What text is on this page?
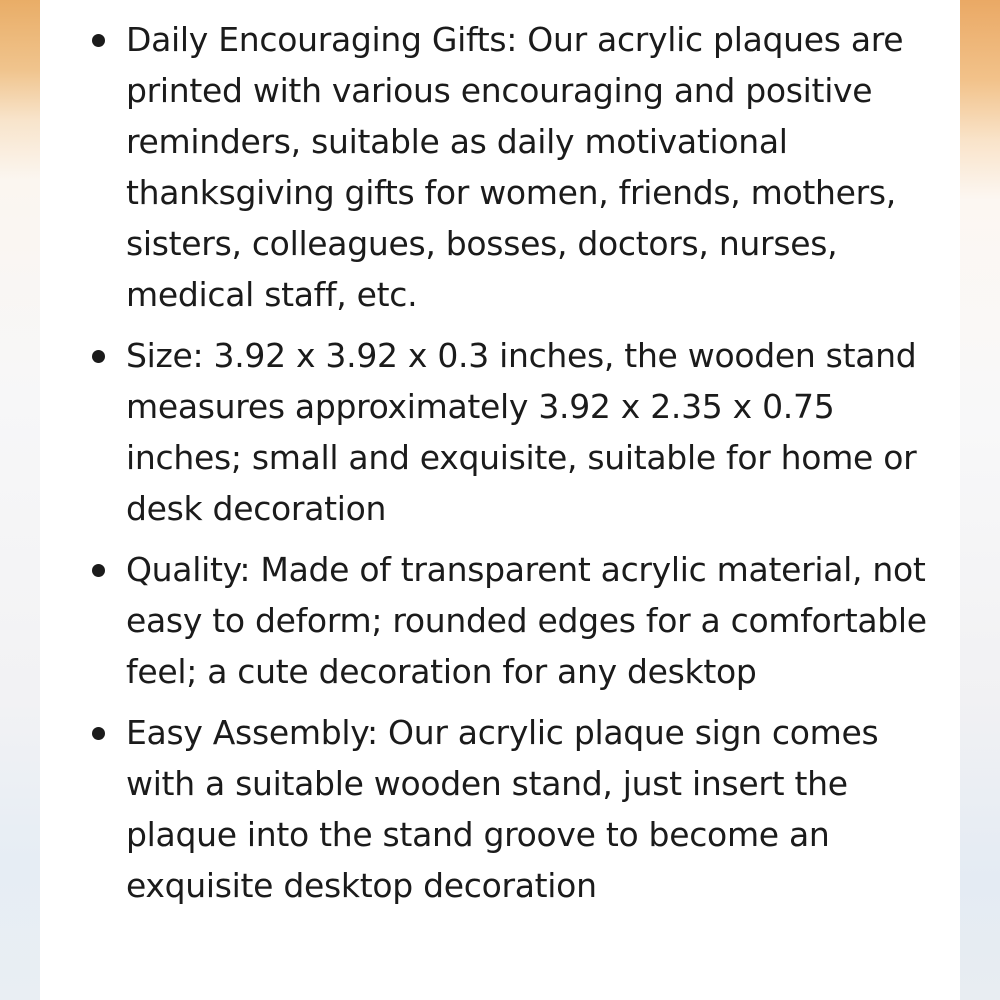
Daily Encouraging Gifts: Our acrylic plaques are printed with various encouraging and positive reminders, suitable as daily motivational thanksgiving gifts for women, friends, mothers, sisters, colleagues, bosses, doctors, nurses, medical staff, etc.
Size: 3.92 x 3.92 x 0.3 inches, the wooden stand measures approximately 3.92 x 2.35 x 0.75 inches; small and exquisite, suitable for home or desk decoration
Quality: Made of transparent acrylic material, not easy to deform; rounded edges for a comfortable feel; a cute decoration for any desktop
Easy Assembly: Our acrylic plaque sign comes with a suitable wooden stand, just insert the plaque into the stand groove to become an exquisite desktop decoration
